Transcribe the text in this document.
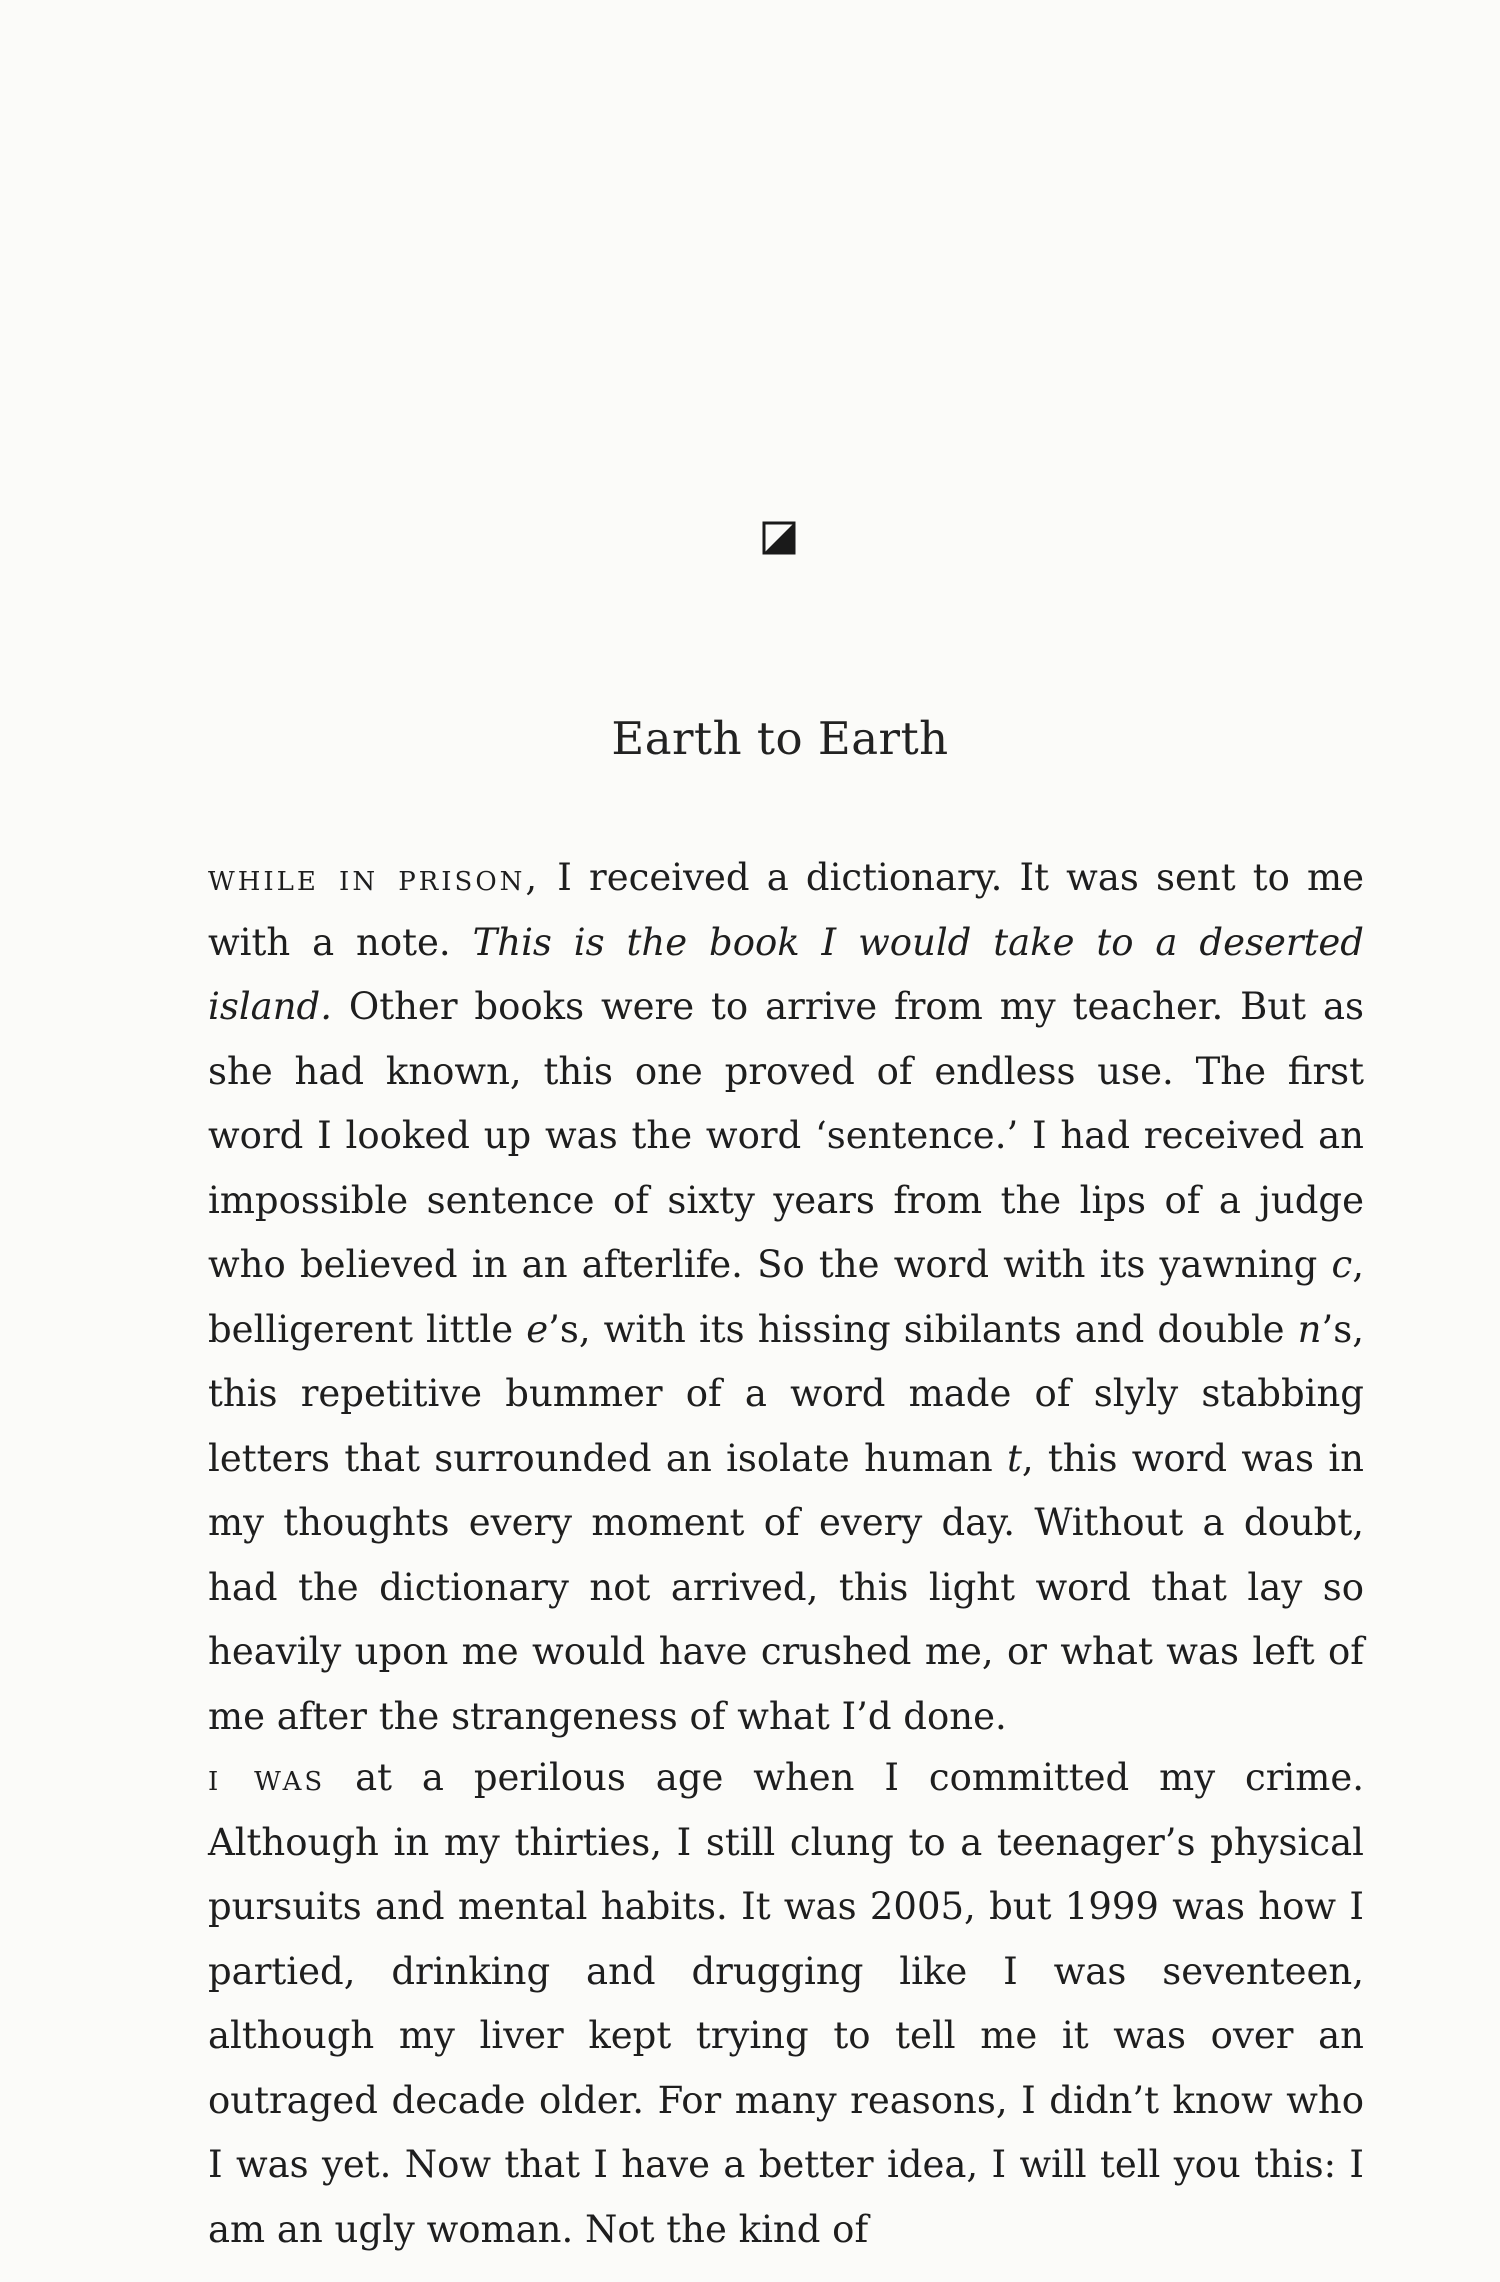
Earth to Earth

while in prison, I received a dictionary. It was sent to me with a note. This is the book I would take to a deserted island. Other books were to arrive from my teacher. But as she had known, this one proved of endless use. The first word I looked up was the word ‘sentence.’ I had received an impossible sentence of sixty years from the lips of a judge who believed in an afterlife. So the word with its yawning c, belligerent little e’s, with its hissing sibilants and double n’s, this repetitive bummer of a word made of slyly stabbing letters that surrounded an isolate human t, this word was in my thoughts every moment of every day. Without a doubt, had the dictionary not arrived, this light word that lay so heavily upon me would have crushed me, or what was left of me after the strangeness of what I’d done.

i was at a perilous age when I committed my crime. Although in my thirties, I still clung to a teenager’s physical pursuits and mental habits. It was 2005, but 1999 was how I partied, drinking and drugging like I was seventeen, although my liver kept trying to tell me it was over an outraged decade older. For many reasons, I didn’t know who I was yet. Now that I have a better idea, I will tell you this: I am an ugly woman. Not the kind of
